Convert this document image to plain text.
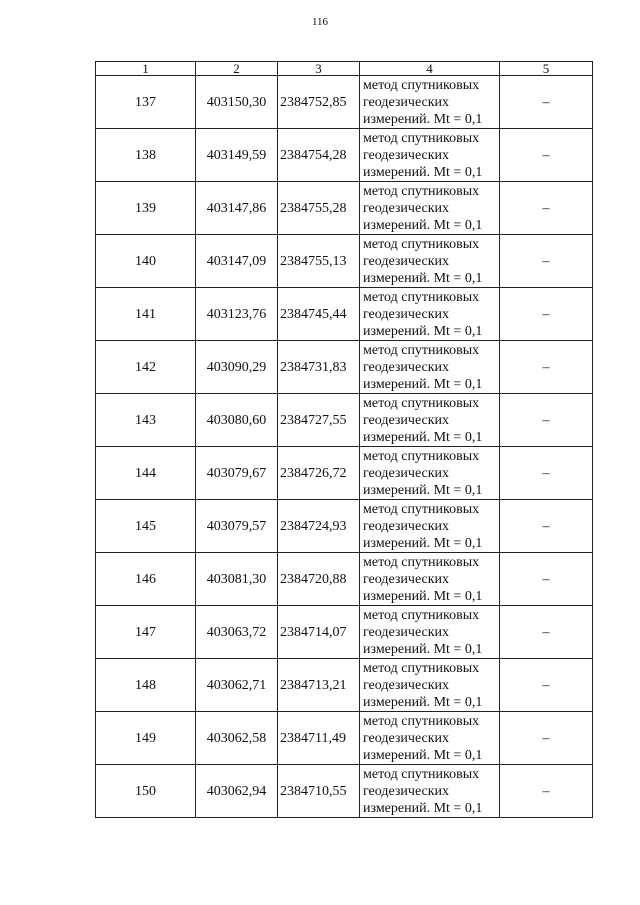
116
1	2	3	4	5
137	403150,30	2384752,85	метод спутниковых
геодезических
измерений. Mt = 0,1	–
138	403149,59	2384754,28	метод спутниковых
геодезических
измерений. Mt = 0,1	–
139	403147,86	2384755,28	метод спутниковых
геодезических
измерений. Mt = 0,1	–
140	403147,09	2384755,13	метод спутниковых
геодезических
измерений. Mt = 0,1	–
141	403123,76	2384745,44	метод спутниковых
геодезических
измерений. Mt = 0,1	–
142	403090,29	2384731,83	метод спутниковых
геодезических
измерений. Mt = 0,1	–
143	403080,60	2384727,55	метод спутниковых
геодезических
измерений. Mt = 0,1	–
144	403079,67	2384726,72	метод спутниковых
геодезических
измерений. Mt = 0,1	–
145	403079,57	2384724,93	метод спутниковых
геодезических
измерений. Mt = 0,1	–
146	403081,30	2384720,88	метод спутниковых
геодезических
измерений. Mt = 0,1	–
147	403063,72	2384714,07	метод спутниковых
геодезических
измерений. Mt = 0,1	–
148	403062,71	2384713,21	метод спутниковых
геодезических
измерений. Mt = 0,1	–
149	403062,58	2384711,49	метод спутниковых
геодезических
измерений. Mt = 0,1	–
150	403062,94	2384710,55	метод спутниковых
геодезических
измерений. Mt = 0,1	–
